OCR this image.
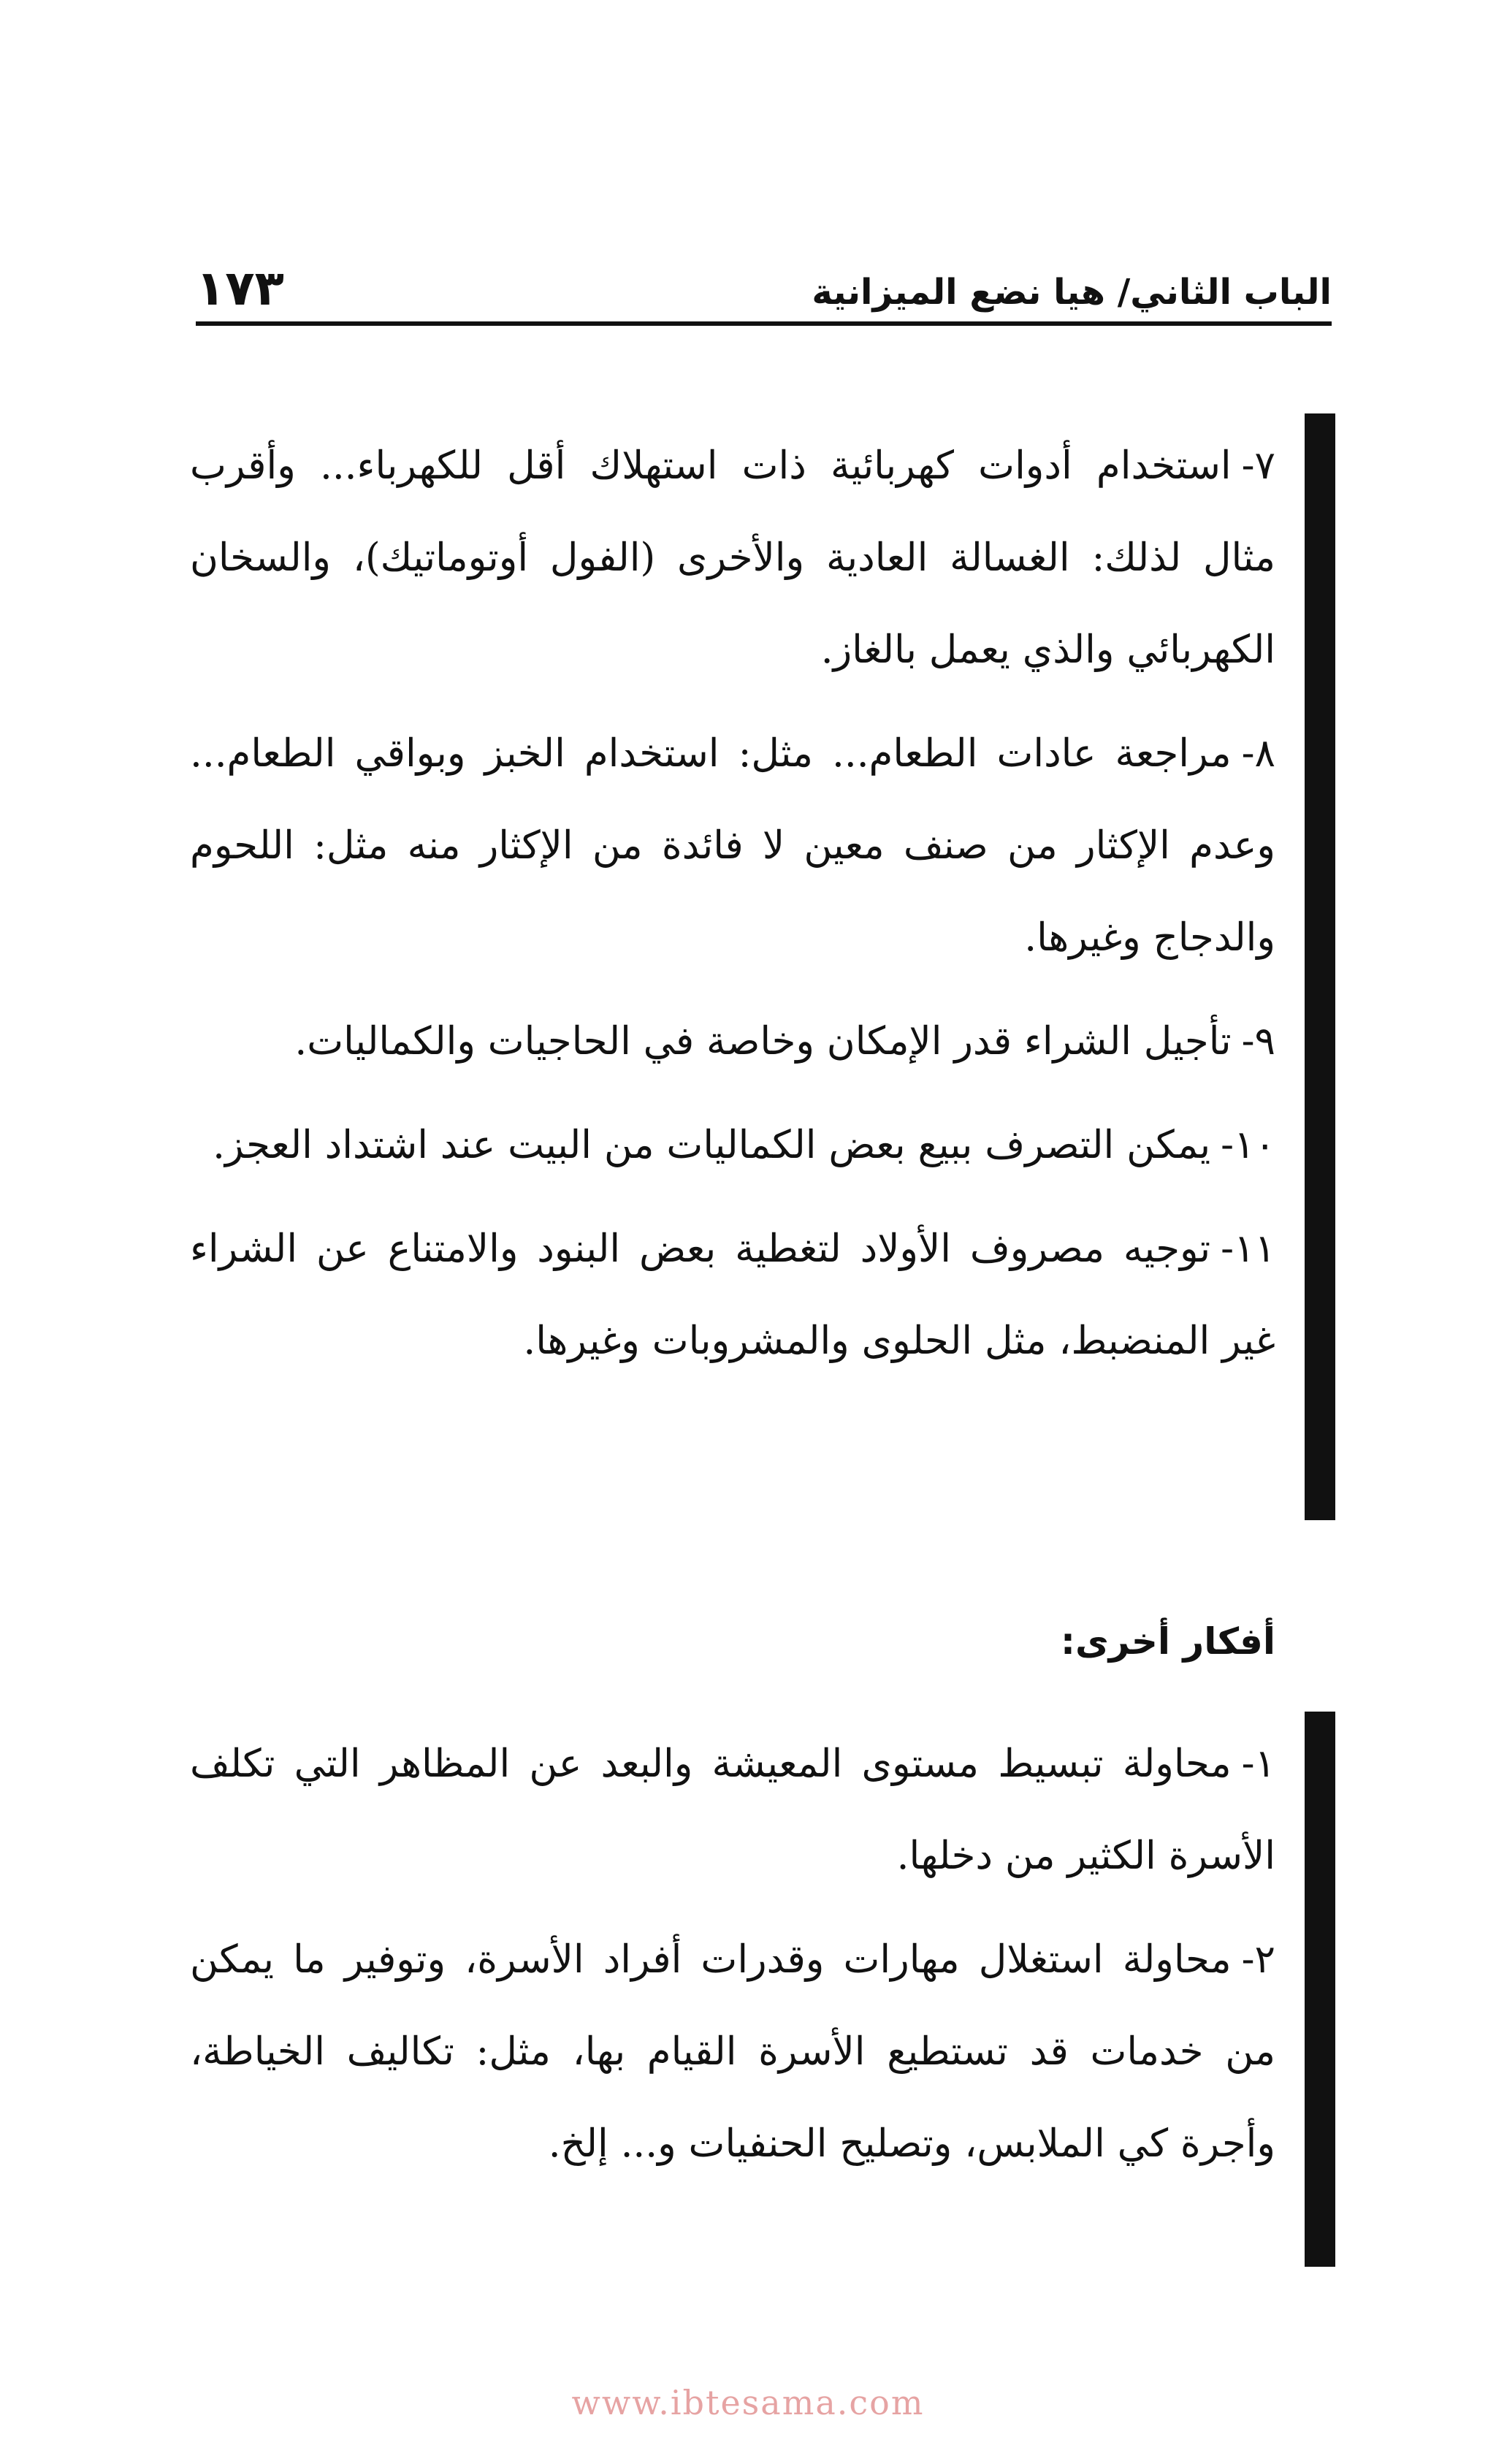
الباب الثاني/ هيا نضع الميزانية
١٧٣
٧-استخدام أدوات كهربائية ذات استهلاك أقل للكهرباء... وأقرب مثال لذلك: الغسالة العادية والأخرى (الفول أوتوماتيك)، والسخان الكهربائي والذي يعمل بالغاز.
٨-مراجعة عادات الطعام... مثل: استخدام الخبز وبواقي الطعام... وعدم الإكثار من صنف معين لا فائدة من الإكثار منه مثل: اللحوم والدجاج وغيرها.
٩-تأجيل الشراء قدر الإمكان وخاصة في الحاجيات والكماليات.
١٠-يمكن التصرف ببيع بعض الكماليات من البيت عند اشتداد العجز.
١١-توجيه مصروف الأولاد لتغطية بعض البنود والامتناع عن الشراء غير المنضبط، مثل الحلوى والمشروبات وغيرها.
أفكار أخرى:
١-محاولة تبسيط مستوى المعيشة والبعد عن المظاهر التي تكلف الأسرة الكثير من دخلها.
٢-محاولة استغلال مهارات وقدرات أفراد الأسرة، وتوفير ما يمكن من خدمات قد تستطيع الأسرة القيام بها، مثل: تكاليف الخياطة، وأجرة كي الملابس، وتصليح الحنفيات و... إلخ.
www.ibtesama.com
